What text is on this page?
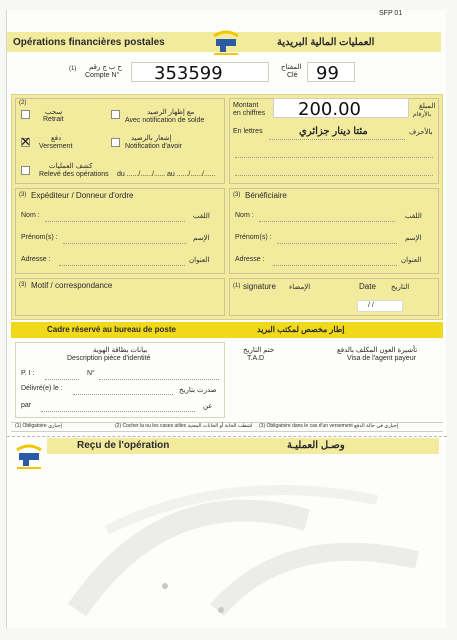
SFP 01
Opérations financières postales	العمليات المالية البريدية
(1) ح ب ج رقم
Compte N° 353599	المفتاح
Clé 99
(2)
سحب
Retrait
مع إظهار الرصيد
Avec notification de solde
✕	دفع
Versement
إشعار بالرصيد
Notification d'avoir
كشف العمليات
Relevé des opérations du ....../....../...... au ....../....../......
Montant
en chiffres 200.00	المبلغ
بالأرقام
En lettres	مئتا دينار جزائري	بالأحرف
(3) Expéditeur / Donneur d'ordre
Nom :	اللقب
Prénom(s) :	الإسم
Adresse :	العنوان
(3) Bénéficiaire
Nom :	اللقب
Prénom(s) :	الإسم
Adresse :	العنوان
(3) Motif / correspondance	(1) signature الإمضاء	Date التاريخ
/ /
Cadre réservé au bureau de poste	إطار مخصص لمكتب البريد
بيانات بطاقة الهوية
Description pièce d'identité
P. I :	N°
Délivré(e) le :	صدرت بتاريخ
par	عن
ختم التاريخ
T.A.D
تأشيرة العون المكلف بالدفع
Visa de l'agent payeur
(1) Obligatoire إجباري	(2) Cocher la ou les cases utiles اشطب الخانة أو الخانات المعنية (3) Obligatoire dans le cas d'un versement إجباري في حالة الدفع
Reçu de l'opération	وصـل العمليـة
